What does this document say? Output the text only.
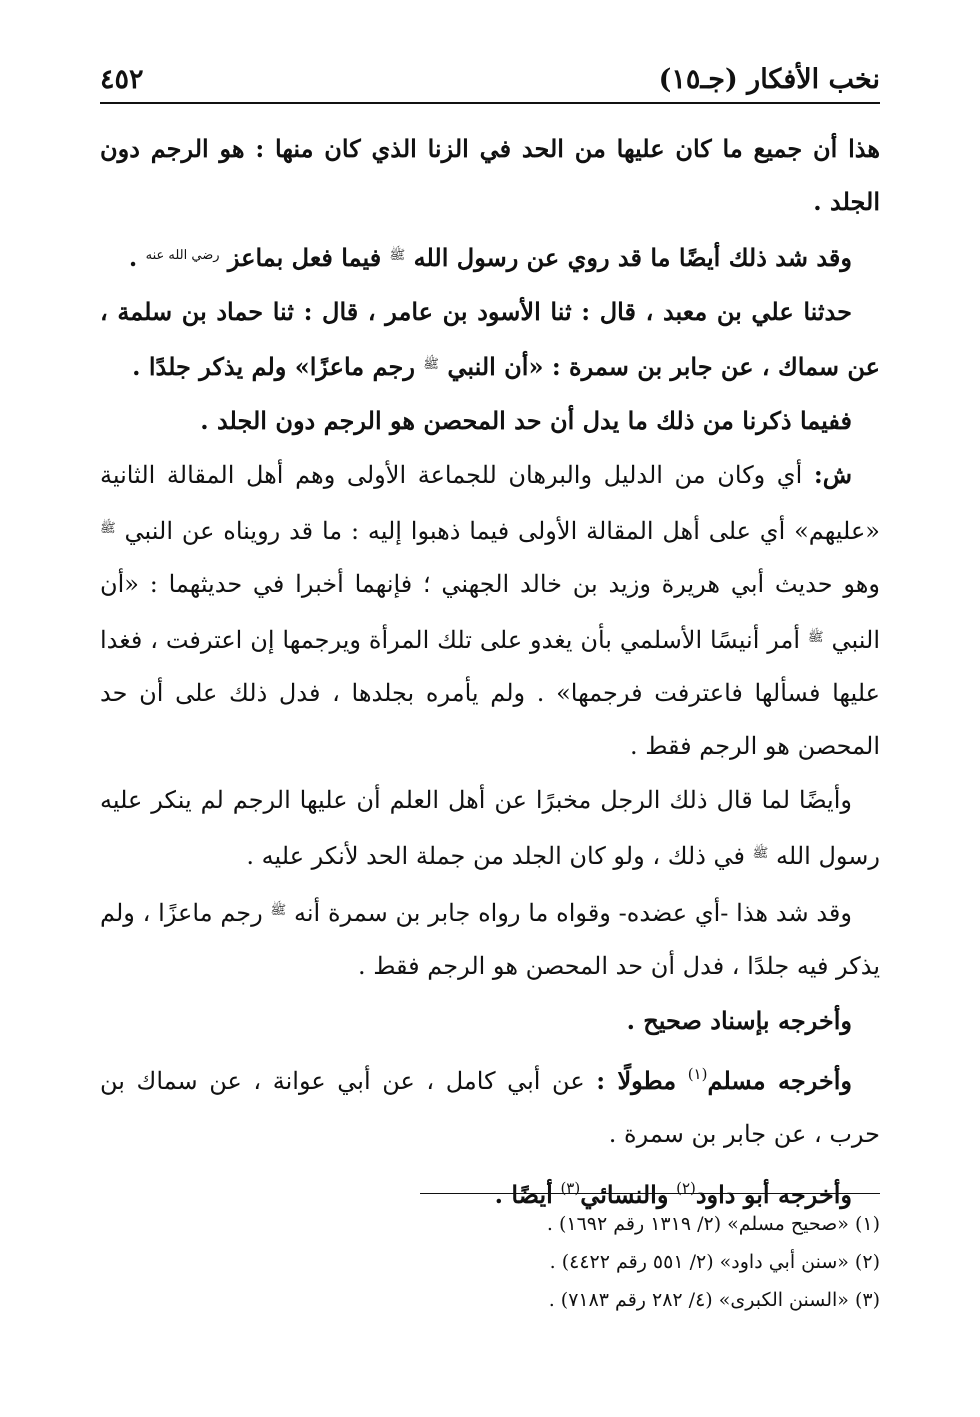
نخب الأفكار (جـ١٥)
٤٥٢

هذا أن جميع ما كان عليها من الحد في الزنا الذي كان منها : هو الرجم دون الجلد .

وقد شد ذلك أيضًا ما قد روي عن رسول الله $^ﷺ$ فيما فعل بماعز $^{رضي الله عنه}$ .

حدثنا علي بن معبد ، قال : ثنا الأسود بن عامر ، قال : ثنا حماد بن سلمة ، عن سماك ، عن جابر بن سمرة : «أن النبي $^ﷺ$ رجم ماعزًا» ولم يذكر جلدًا .

ففيما ذكرنا من ذلك ما يدل أن حد المحصن هو الرجم دون الجلد .

ش: أي وكان من الدليل والبرهان للجماعة الأولى وهم أهل المقالة الثانية «عليهم» أي على أهل المقالة الأولى فيما ذهبوا إليه : ما قد رويناه عن النبي $^ﷺ$ وهو حديث أبي هريرة وزيد بن خالد الجهني ؛ فإنهما أخبرا في حديثهما : «أن النبي $^ﷺ$ أمر أنيسًا الأسلمي بأن يغدو على تلك المرأة ويرجمها إن اعترفت ، فغدا عليها فسألها فاعترفت فرجمها» . ولم يأمره بجلدها ، فدل ذلك على أن حد المحصن هو الرجم فقط .

وأيضًا لما قال ذلك الرجل مخبرًا عن أهل العلم أن عليها الرجم لم ينكر عليه رسول الله $^ﷺ$ في ذلك ، ولو كان الجلد من جملة الحد لأنكر عليه .

وقد شد هذا -أي عضده- وقواه ما رواه جابر بن سمرة أنه $^ﷺ$ رجم ماعزًا ، ولم يذكر فيه جلدًا ، فدل أن حد المحصن هو الرجم فقط .

وأخرجه بإسناد صحيح .

وأخرجه مسلم$^{(١)}$ مطولًا : عن أبي كامل ، عن أبي عوانة ، عن سماك بن حرب ، عن جابر بن سمرة .

وأخرجه أبو داود$^{(٢)}$ والنسائي$^{(٣)}$ أيضًا .

(١) «صحيح مسلم» (٢/ ١٣١٩ رقم ١٦٩٢) .
(٢) «سنن أبي داود» (٢/ ٥٥١ رقم ٤٤٢٢) .
(٣) «السنن الكبرى» (٤/ ٢٨٢ رقم ٧١٨٣) .
